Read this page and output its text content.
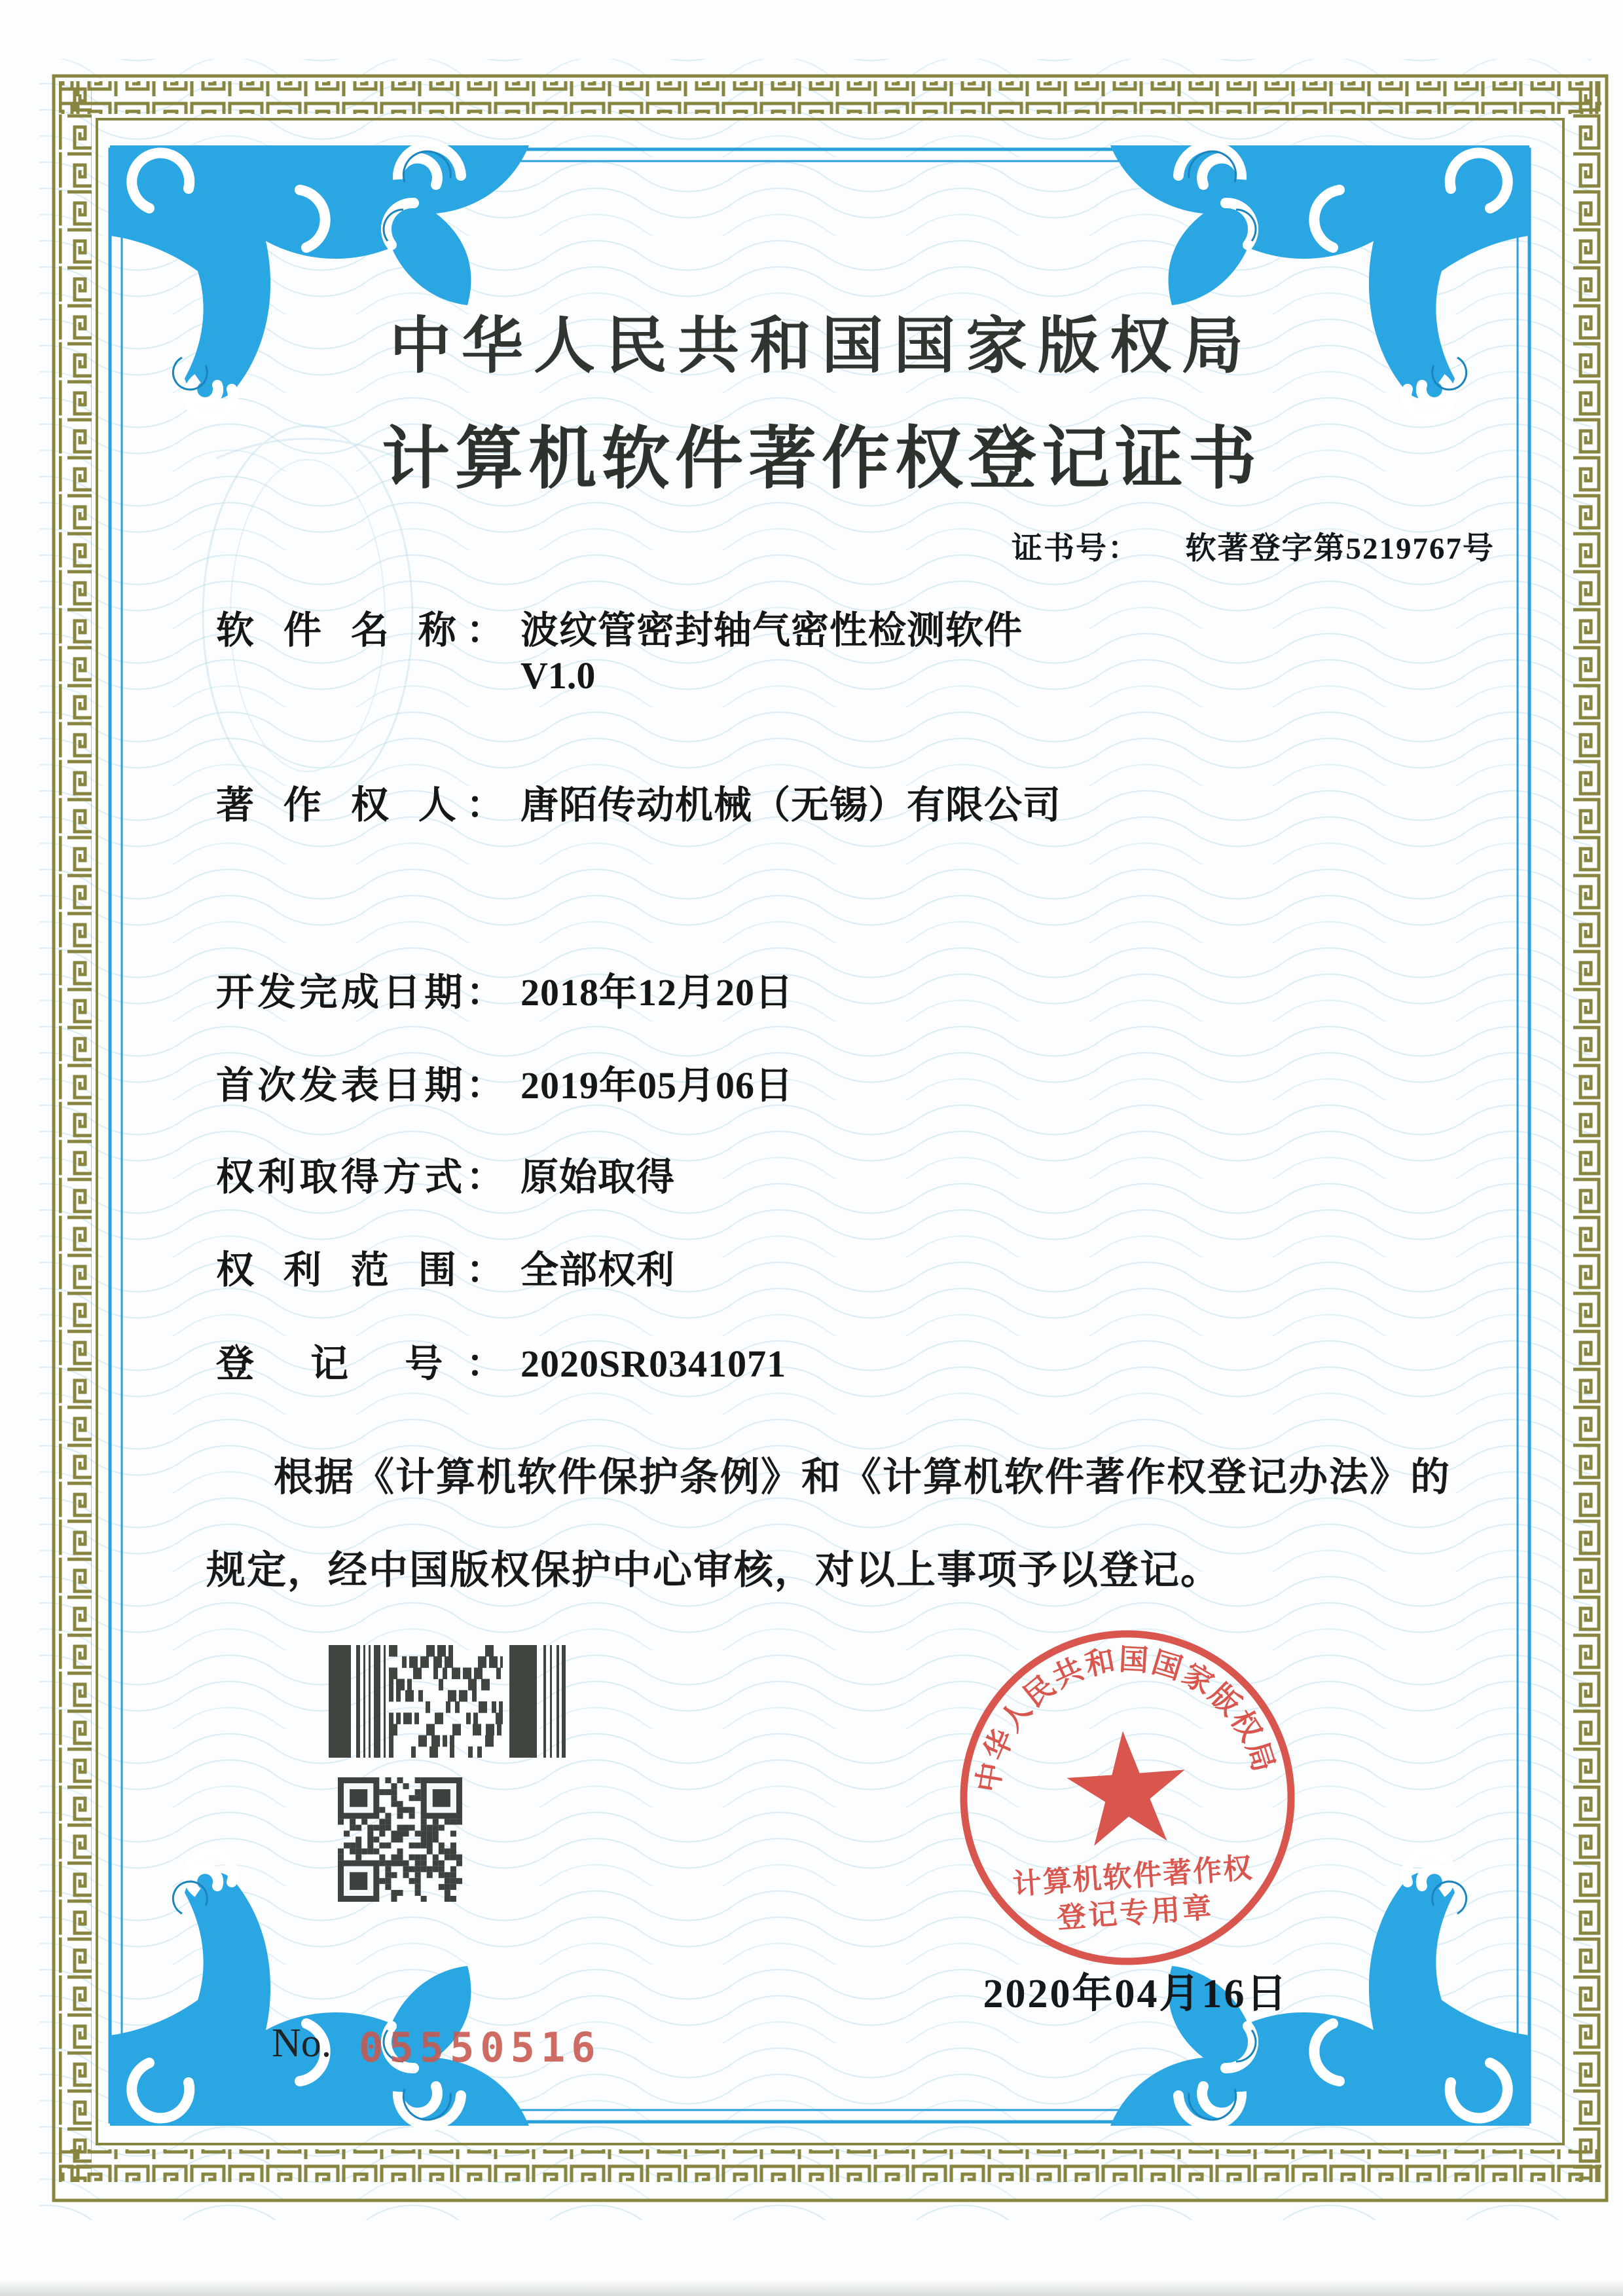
中华人民共和国国家版权局
计算机软件著作权登记证书
证书号： 软著登字第5219767号
软 件 名 称： 波纹管密封轴气密性检测软件
V1.0
著 作 权 人： 唐陌传动机械（无锡）有限公司
开发完成日期： 2018年12月20日
首次发表日期： 2019年05月06日
权利取得方式： 原始取得
权 利 范 围： 全部权利
登 记 号： 2020SR0341071
根据《计算机软件保护条例》和《计算机软件著作权登记办法》的
规定，经中国版权保护中心审核，对以上事项予以登记。
No. 05550516
2020年04月16日
中华人民共和国国家版权局
计算机软件著作权
登记专用章
